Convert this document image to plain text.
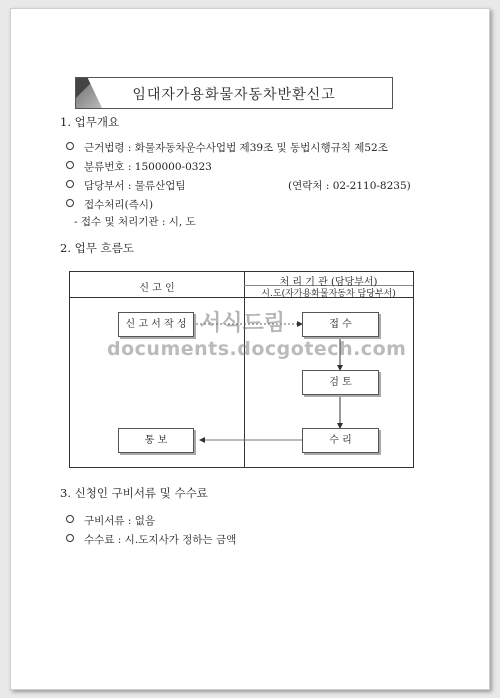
임대자가용화물자동차반환신고
1. 업무개요
근거법령 : 화물자동차운수사업법 제39조 및 동법시행규칙 제52조
분류번호 : 1500000-0323
담당부서 : 물류산업팀	(연락처 : 02-2110-8235)
접수처리(즉시)
- 접수 및 처리기관 : 시, 도
2. 업무 흐름도
신 고 인
처 리 기 관 (담당부서)
시․도(자가용화물자동차 담당부서)
신 고 서 작 성	접 수
검 토
수 리
통 보
서식드림
documents.docgotech.com
3. 신청인 구비서류 및 수수료
구비서류 : 없음
수수료 : 시․도지사가 정하는 금액
